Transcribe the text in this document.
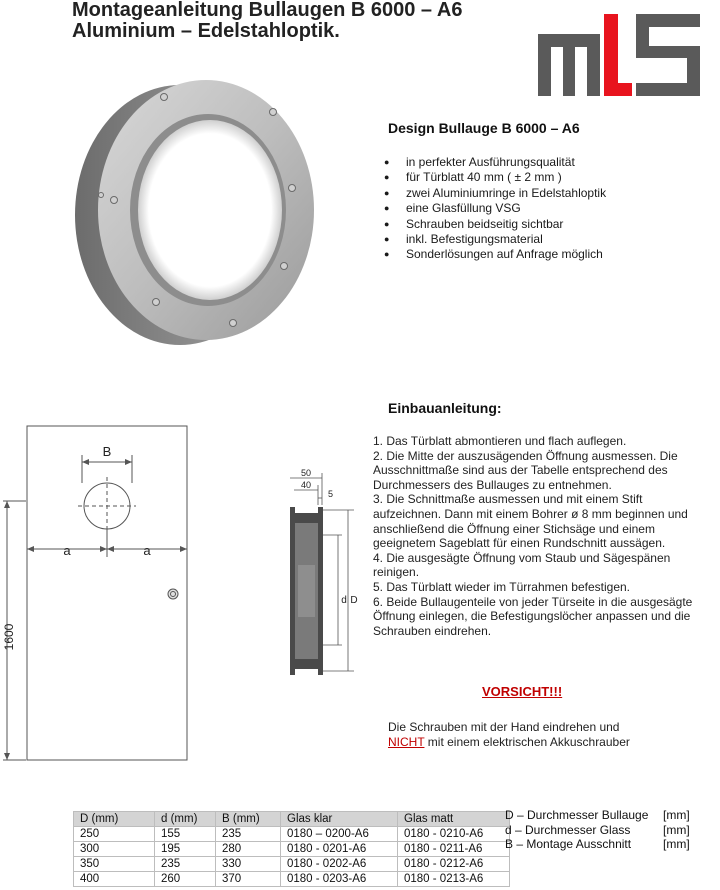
Montageanleitung Bullaugen B 6000 – A6
Aluminium – Edelstahloptik.
Design Bullauge B 6000 – A6
● in perfekter Ausführungsqualität
● für Türblatt 40 mm ( ± 2 mm )
● zwei Aluminiumringe in Edelstahloptik
● eine Glasfüllung VSG
● Schrauben beidseitig sichtbar
● inkl. Befestigungsmaterial
● Sonderlösungen auf Anfrage möglich
Einbauanleitung:
B
a	a
1600
50
40
5
d D

1. Das Türblatt abmontieren und flach auflegen.

2. Die Mitte der auszusägenden Öffnung ausmessen. Die Ausschnittmaße sind aus der Tabelle entsprechend des Durchmessers des Bullauges zu entnehmen.

3. Die Schnittmaße ausmessen und mit einem Stift aufzeichnen. Dann mit einem Bohrer ø 8 mm beginnen und anschließend die Öffnung einer Stichsäge und einem geeignetem Sageblatt für einen Rundschnitt aussägen.

4. Die ausgesägte Öffnung vom Staub und Sägespänen reinigen.

5. Das Türblatt wieder im Türrahmen befestigen.

6. Beide Bullaugenteile von jeder Türseite in die ausgesägte Öffnung einlegen, die Befestigungslöcher anpassen und die Schrauben eindrehen.

VORSICHT!!!
Die Schrauben mit der Hand eindrehen und
NICHT mit einem elektrischen Akkuschrauber
D (mm)	d (mm)	B (mm)	Glas klar	Glas matt
250	155	235	0180 – 0200-A6	0180 - 0210-A6
300	195	280	0180 - 0201-A6	0180 - 0211-A6
350	235	330	0180 - 0202-A6	0180 - 0212-A6
400	260	370	0180 - 0203-A6	0180 - 0213-A6
D – Durchmesser Bullauge	[mm]
d – Durchmesser Glass	[mm]
B – Montage Ausschnitt	[mm]
